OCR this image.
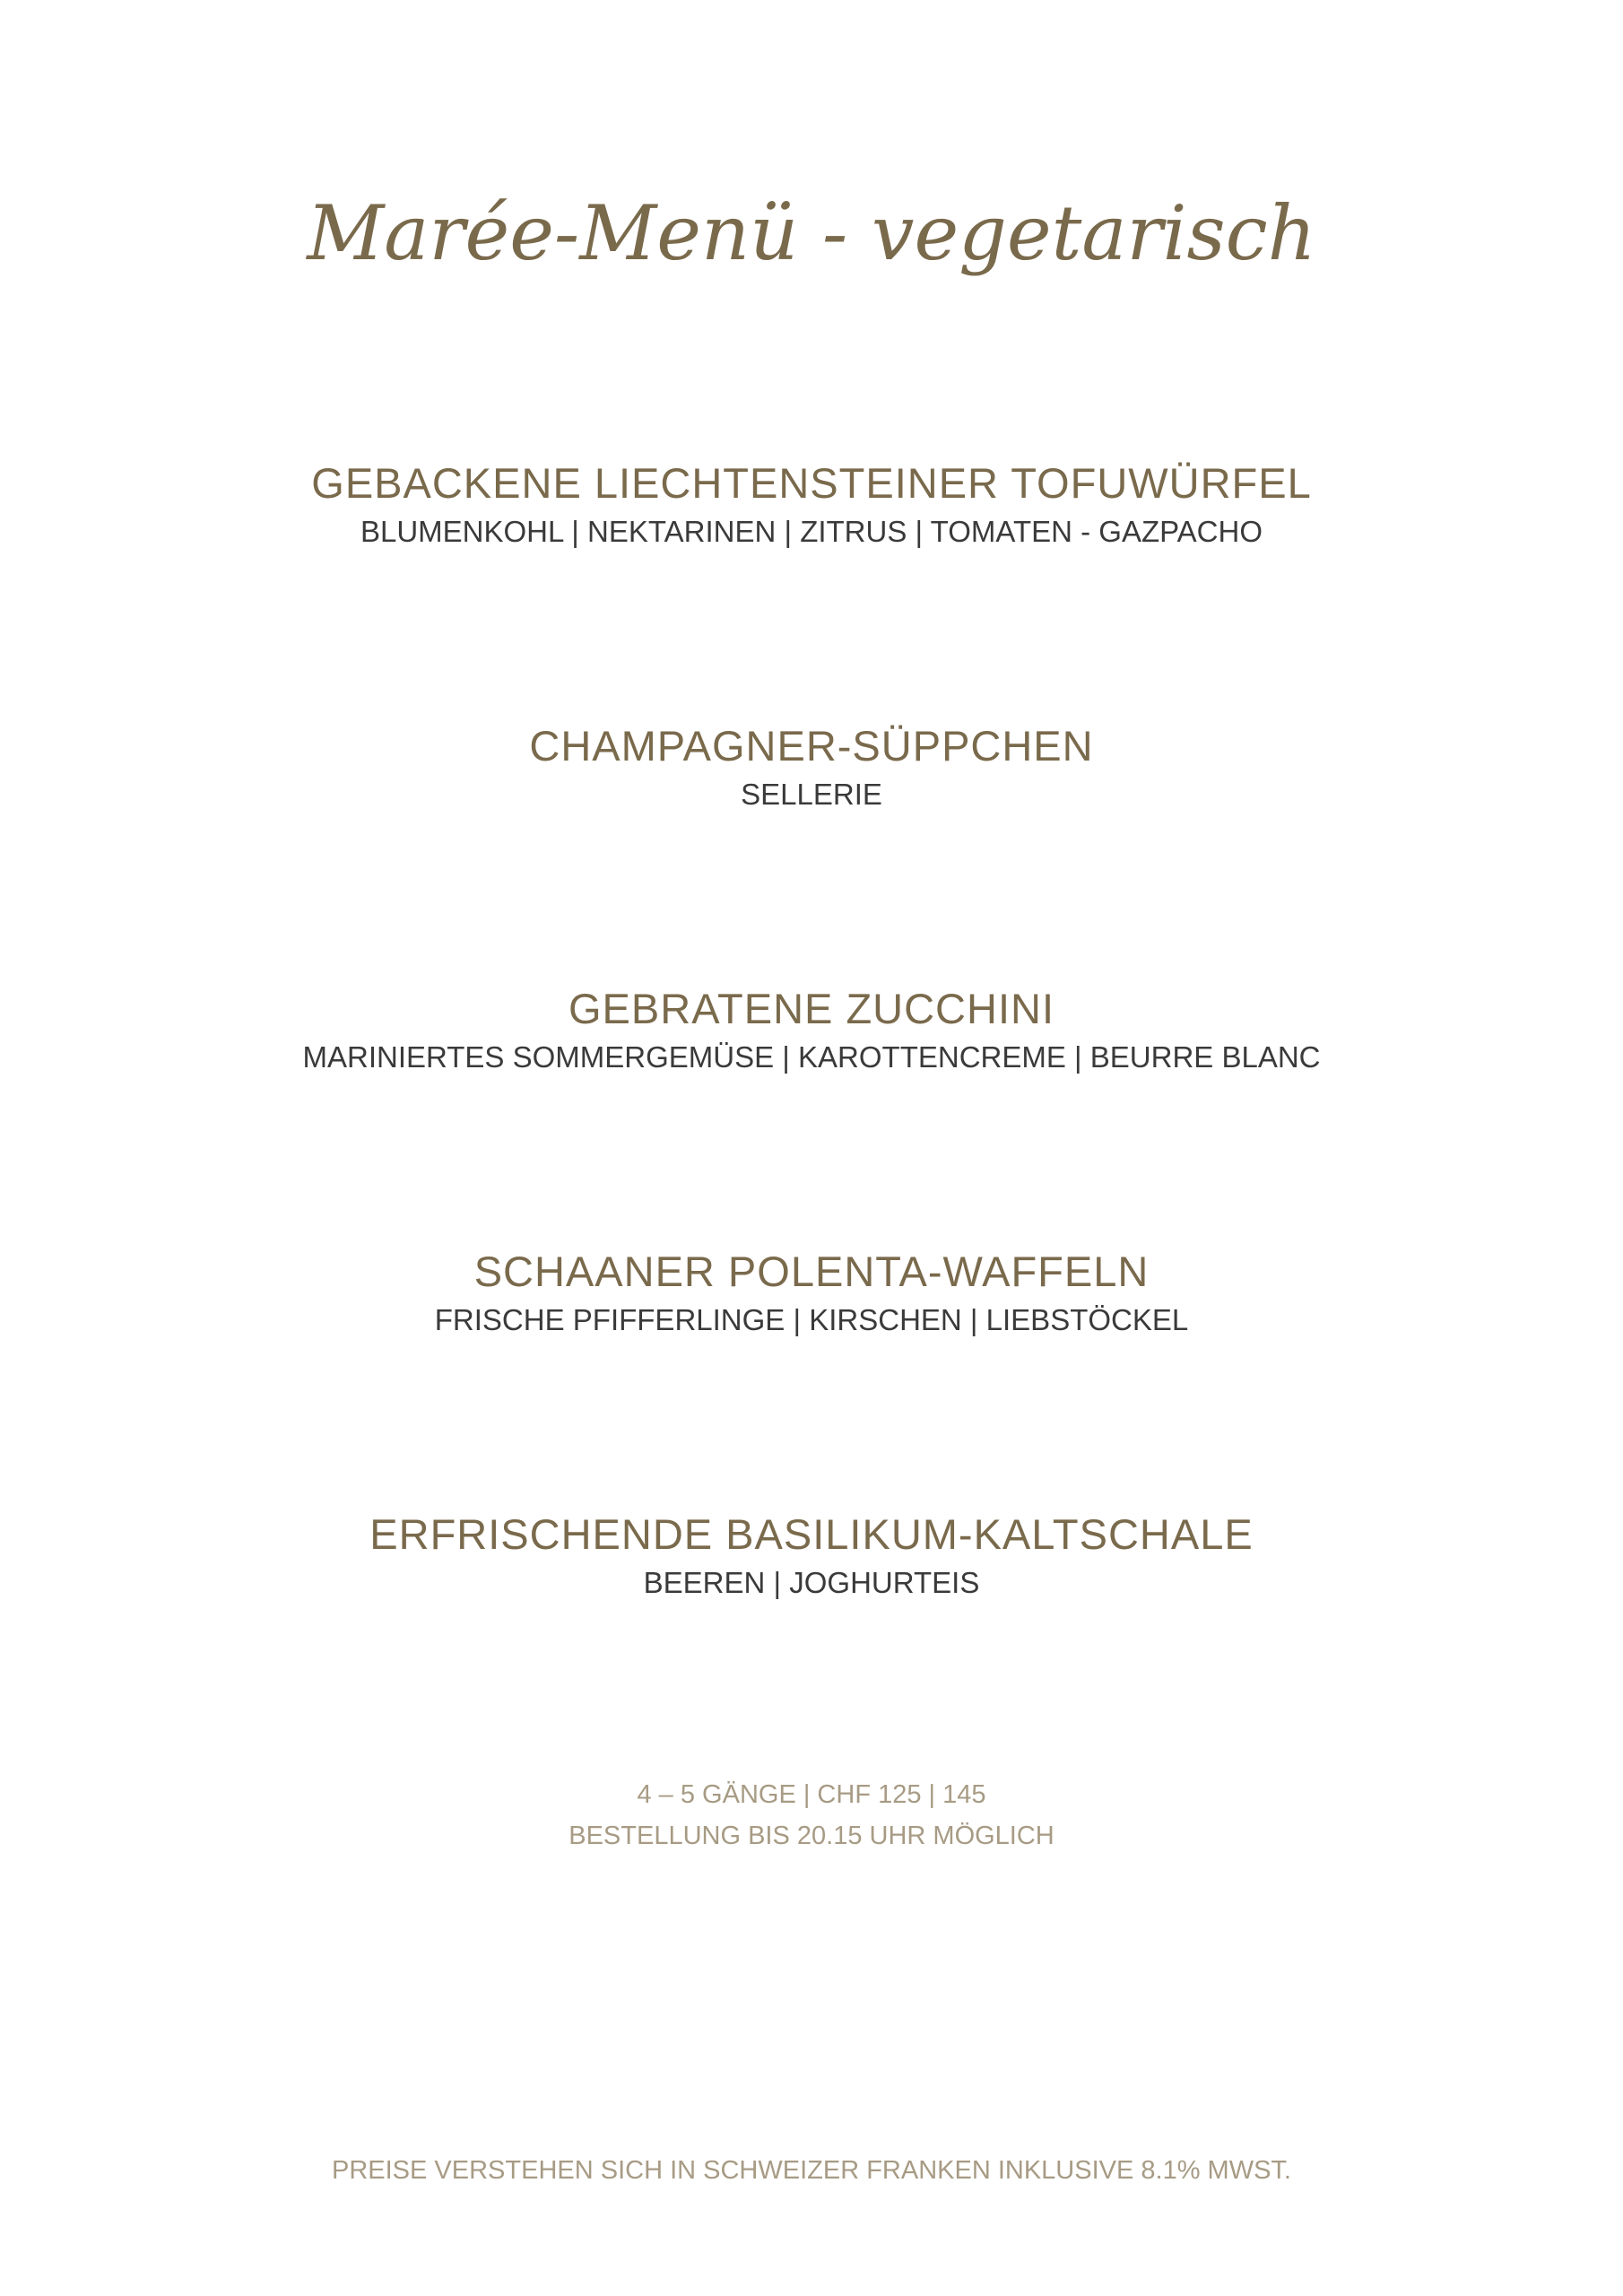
Marée-Menü - vegetarisch
GEBACKENE LIECHTENSTEINER TOFUWÜRFEL
BLUMENKOHL | NEKTARINEN | ZITRUS | TOMATEN - GAZPACHO
CHAMPAGNER-SÜPPCHEN
SELLERIE
GEBRATENE ZUCCHINI
MARINIERTES SOMMERGEMÜSE | KAROTTENCREME | BEURRE BLANC
SCHAANER POLENTA-WAFFELN
FRISCHE PFIFFERLINGE | KIRSCHEN | LIEBSTÖCKEL
ERFRISCHENDE BASILIKUM-KALTSCHALE
BEEREN | JOGHURTEIS
4 – 5 GÄNGE | CHF 125 | 145
BESTELLUNG BIS 20.15 UHR MÖGLICH
PREISE VERSTEHEN SICH IN SCHWEIZER FRANKEN INKLUSIVE 8.1% MWST.
